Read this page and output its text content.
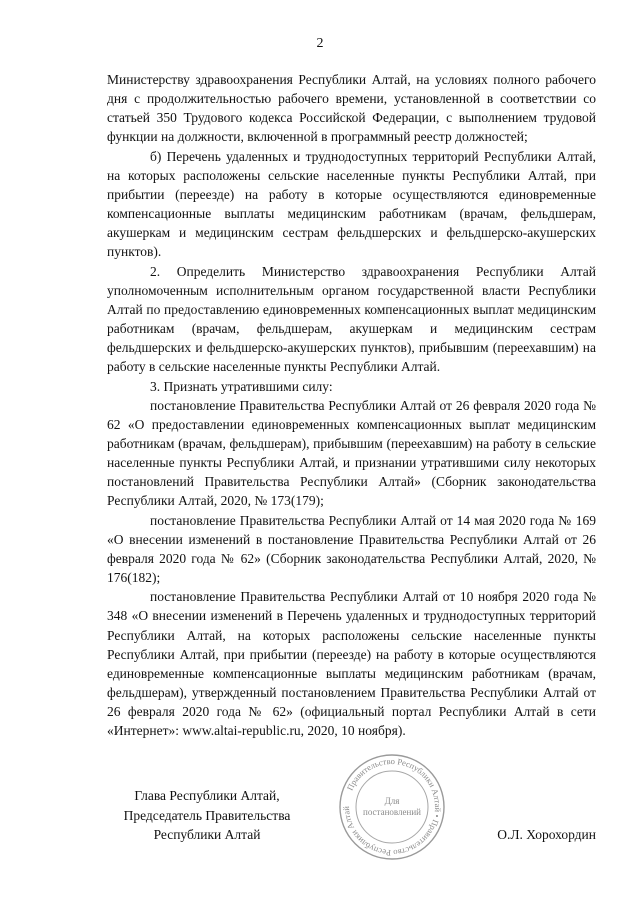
2

Министерству здравоохранения Республики Алтай, на условиях полного рабочего дня с продолжительностью рабочего времени, установленной в соответствии со статьей 350 Трудового кодекса Российской Федерации, с выполнением трудовой функции на должности, включенной в программный реестр должностей;

б) Перечень удаленных и труднодоступных территорий Республики Алтай, на которых расположены сельские населенные пункты Республики Алтай, при прибытии (переезде) на работу в которые осуществляются единовременные компенсационные выплаты медицинским работникам (врачам, фельдшерам, акушеркам и медицинским сестрам фельдшерских и фельдшерско-акушерских пунктов).

2. Определить Министерство здравоохранения Республики Алтай уполномоченным исполнительным органом государственной власти Республики Алтай по предоставлению единовременных компенсационных выплат медицинским работникам (врачам, фельдшерам, акушеркам и медицинским сестрам фельдшерских и фельдшерско-акушерских пунктов), прибывшим (переехавшим) на работу в сельские населенные пункты Республики Алтай.

3. Признать утратившими силу:

постановление Правительства Республики Алтай от 26 февраля 2020 года № 62 «О предоставлении единовременных компенсационных выплат медицинским работникам (врачам, фельдшерам), прибывшим (переехавшим) на работу в сельские населенные пункты Республики Алтай, и признании утратившими силу некоторых постановлений Правительства Республики Алтай» (Сборник законодательства Республики Алтай, 2020, № 173(179);

постановление Правительства Республики Алтай от 14 мая 2020 года № 169 «О внесении изменений в постановление Правительства Республики Алтай от 26 февраля 2020 года № 62» (Сборник законодательства Республики Алтай, 2020, № 176(182);

постановление Правительства Республики Алтай от 10 ноября 2020 года № 348 «О внесении изменений в Перечень удаленных и труднодоступных территорий Республики Алтай, на которых расположены сельские населенные пункты Республики Алтай, при прибытии (переезде) на работу в которые осуществляются единовременные компенсационные выплаты медицинским работникам (врачам, фельдшерам), утвержденный постановлением Правительства Республики Алтай от 26 февраля 2020 года № 62» (официальный портал Республики Алтай в сети «Интернет»: www.altai-republic.ru, 2020, 10 ноября).

Глава Республики Алтай,
Председатель Правительства
Республики Алтай	О.Л. Хорохордин
Правительство Республики Алтай • Правительство Республики Алтай
Для
постановлений
